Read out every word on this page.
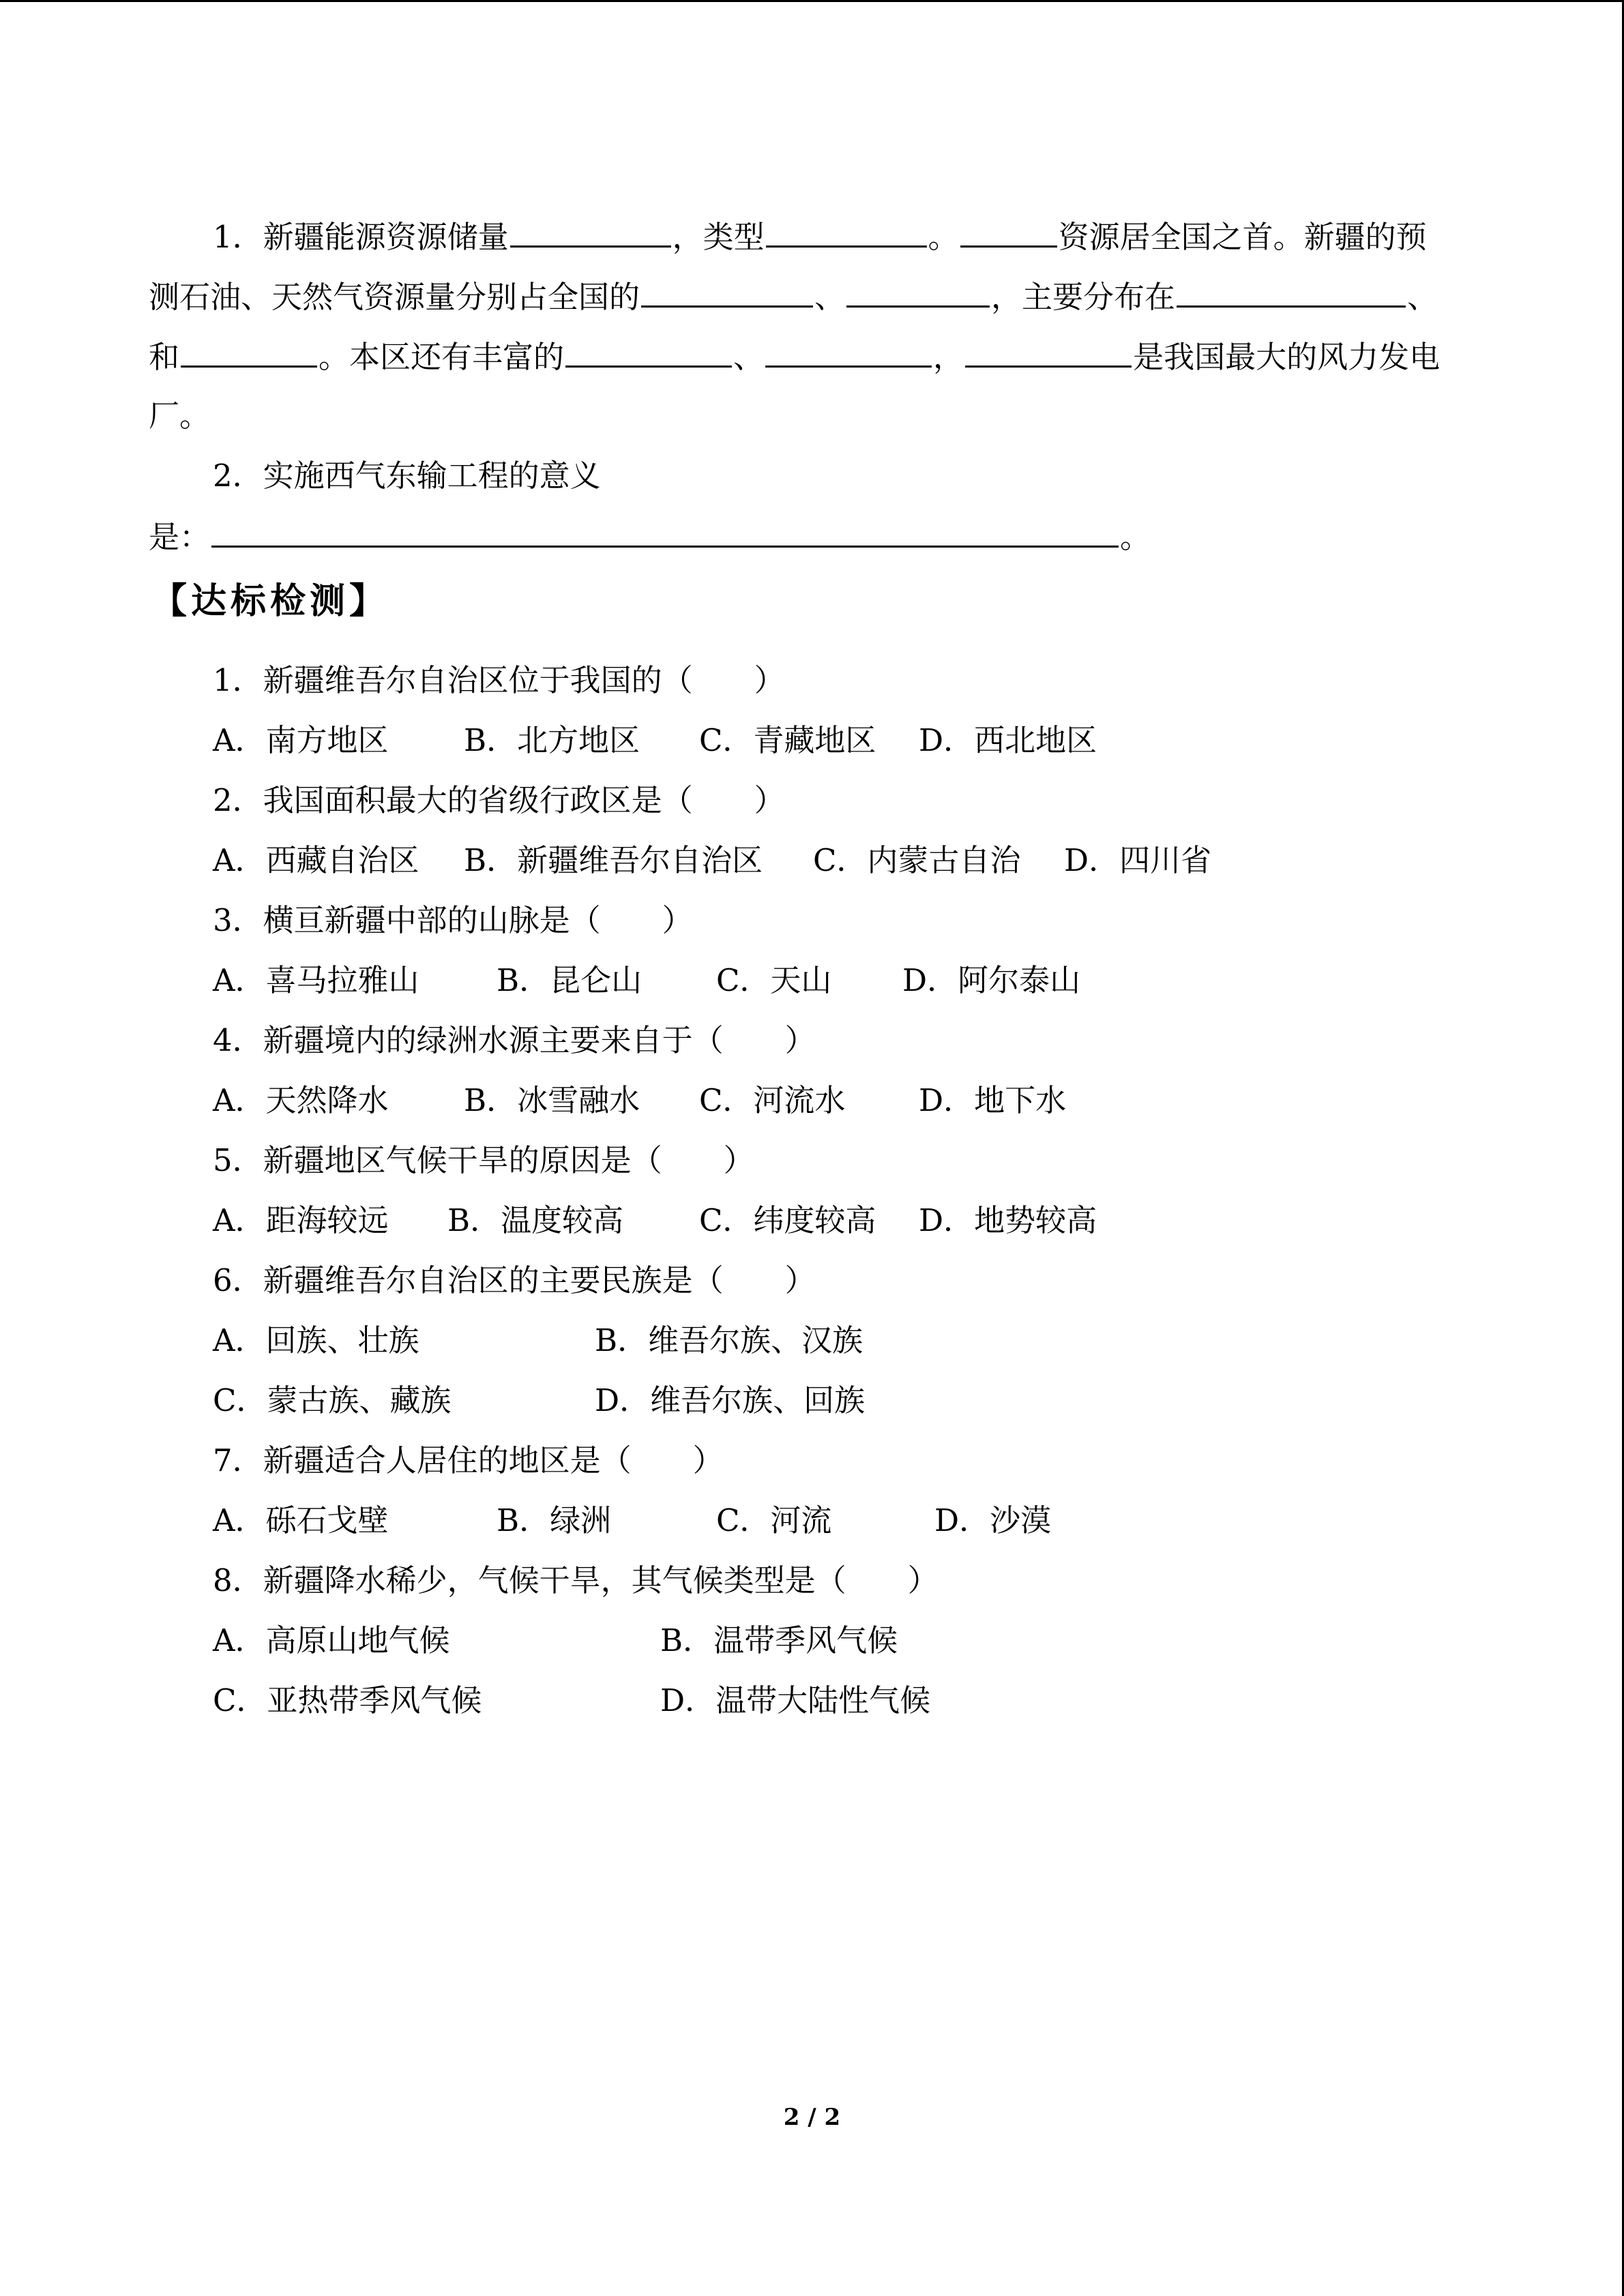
1．新疆能源资源储量	，类型	。	资源居全国之首。新疆的预
测石油、天然气资源量分别占全国的	、	，主要分布在	、
和	。本区还有丰富的	、	，	是我国最大的风力发电
厂。
2．实施西气东输工程的意义
是：	。
【达标检测】
1．新疆维吾尔自治区位于我国的（　　）
A．南方地区 B．北方地区 C．青藏地区 D．西北地区
2．我国面积最大的省级行政区是（　　）
A．西藏自治区 B．新疆维吾尔自治区 C．内蒙古自治 D．四川省
3．横亘新疆中部的山脉是（　　）
A．喜马拉雅山	B．昆仑山 C．天山 D．阿尔泰山
4．新疆境内的绿洲水源主要来自于（　　）
A．天然降水 B．冰雪融水 C．河流水 D．地下水
5．新疆地区气候干旱的原因是（　　）
A．距海较远 B．温度较高 C．纬度较高 D．地势较高
6．新疆维吾尔自治区的主要民族是（　　）
A．回族、壮族	B．维吾尔族、汉族
C．蒙古族、藏族	D．维吾尔族、回族
7．新疆适合人居住的地区是（　　）
A．砾石戈壁	B．绿洲	C．河流	D．沙漠
8．新疆降水稀少，气候干旱，其气候类型是（　　）
A．高原山地气候	B．温带季风气候
C．亚热带季风气候	D．温带大陆性气候
2 / 2
